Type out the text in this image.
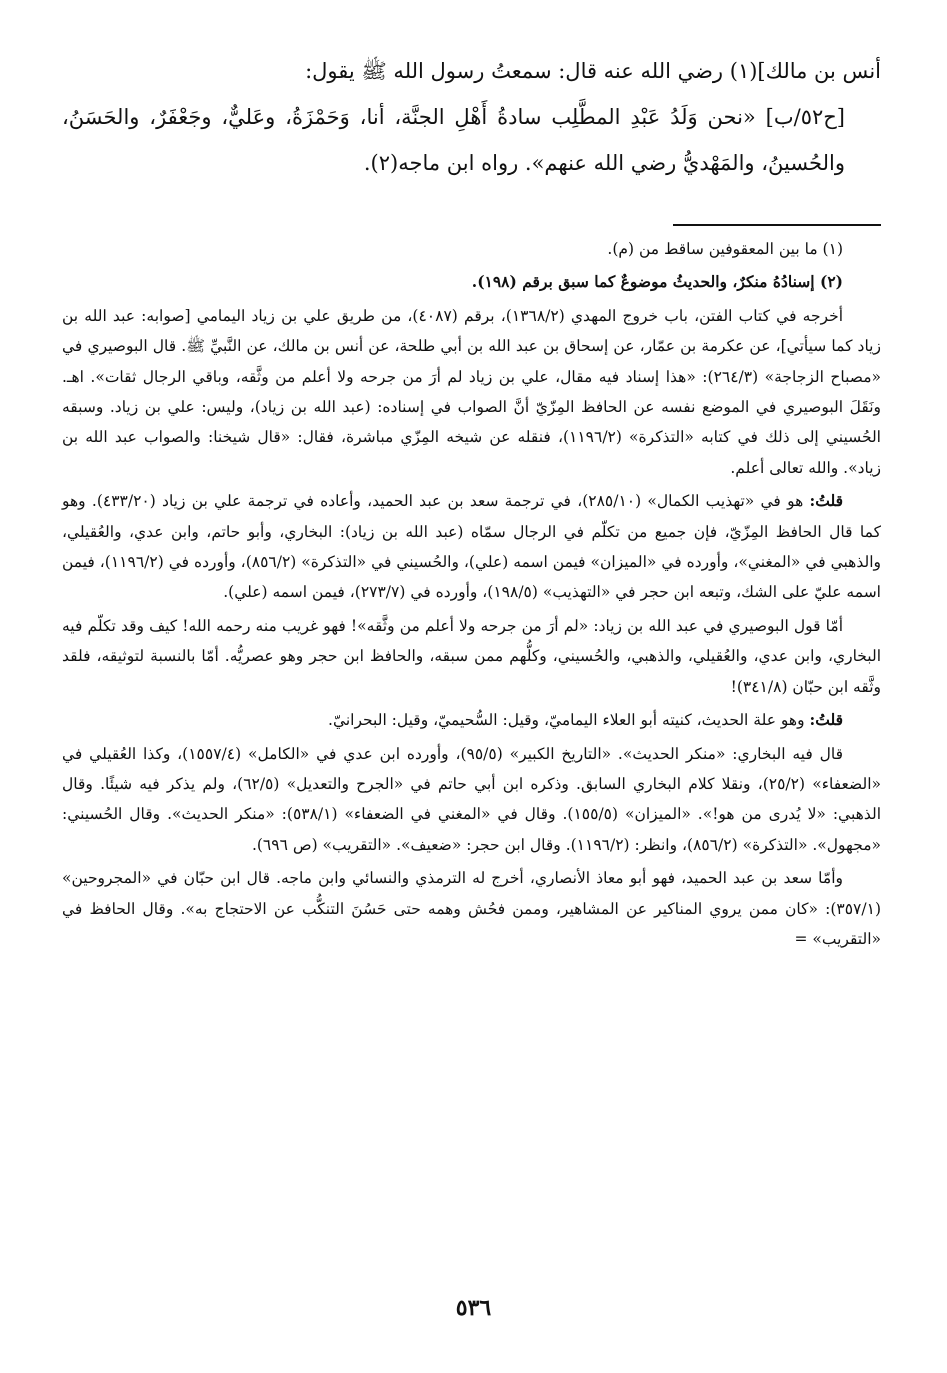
أنس بن مالك](١) رضي الله عنه قال: سمعتُ رسول الله ﷺ يقول:

[ح٥٢/ب] «نحن وَلَدُ عَبْدِ المطَّلِب سادةُ أَهْلِ الجنَّة، أنا، وَحَمْزَةُ، وعَليٌّ، وجَعْفَرٌ، والحَسَنُ، والحُسينُ، والمَهْديُّ رضي الله عنهم». رواه ابن ماجه(٢).

(١) ما بين المعقوفين ساقط من (م).

(٢) إسنادُهُ منكرٌ، والحديثُ موضوعٌ كما سبق برقم (١٩٨).

أخرجه في كتاب الفتن، باب خروج المهدي (١٣٦٨/٢)، برقم (٤٠٨٧)، من طريق علي بن زياد اليمامي [صوابه: عبد الله بن زياد كما سيأتي]، عن عكرمة بن عمّار، عن إسحاق بن عبد الله بن أبي طلحة، عن أنس بن مالك، عن النَّبيِّ ﷺ. قال البوصيري في «مصباح الزجاجة» (٢٦٤/٣): «هذا إسناد فيه مقال، علي بن زياد لم أرَ من جرحه ولا أعلم من وثَّقه، وباقي الرجال ثقات». اهـ. ونَقَلَ البوصيري في الموضع نفسه عن الحافظ المِزّيّ أنَّ الصواب في إسناده: (عبد الله بن زياد)، وليس: علي بن زياد. وسبقه الحُسيني إلى ذلك في كتابه «التذكرة» (١١٩٦/٢)، فنقله عن شيخه المِزّي مباشرة، فقال: «قال شيخنا: والصواب عبد الله بن زياد». والله تعالى أعلم.

قلتُ: هو في «تهذيب الكمال» (٢٨٥/١٠)، في ترجمة سعد بن عبد الحميد، وأعاده في ترجمة علي بن زياد (٤٣٣/٢٠). وهو كما قال الحافظ المِزّيّ، فإن جميع من تكلّم في الرجال سمّاه (عبد الله بن زياد): البخاري، وأبو حاتم، وابن عدي، والعُقيلي، والذهبي في «المغني»، وأورده في «الميزان» فيمن اسمه (علي)، والحُسيني في «التذكرة» (٨٥٦/٢)، وأورده في (١١٩٦/٢)، فيمن اسمه عليّ على الشك، وتبعه ابن حجر في «التهذيب» (١٩٨/٥)، وأورده في (٢٧٣/٧)، فيمن اسمه (علي).

أمّا قول البوصيري في عبد الله بن زياد: «لم أرَ من جرحه ولا أعلم من وثَّقه»! فهو غريب منه رحمه الله! كيف وقد تكلّم فيه البخاري، وابن عدي، والعُقيلي، والذهبي، والحُسيني، وكلُّهم ممن سبقه، والحافظ ابن حجر وهو عصريُّه. أمّا بالنسبة لتوثيقه، فلقد وثَّقه ابن حبّان (٣٤١/٨)!

قلتُ: وهو علة الحديث، كنيته أبو العلاء اليماميّ، وقيل: السُّحيميّ، وقيل: البحرانيّ.

قال فيه البخاري: «منكر الحديث». «التاريخ الكبير» (٩٥/٥)، وأورده ابن عدي في «الكامل» (١٥٥٧/٤)، وكذا العُقيلي في «الضعفاء» (٢٥/٢)، ونقلا كلام البخاري السابق. وذكره ابن أبي حاتم في «الجرح والتعديل» (٦٢/٥)، ولم يذكر فيه شيئًا. وقال الذهبي: «لا يُدرى من هو!». «الميزان» (١٥٥/٥). وقال في «المغني في الضعفاء» (٥٣٨/١): «منكر الحديث». وقال الحُسيني: «مجهول». «التذكرة» (٨٥٦/٢)، وانظر: (١١٩٦/٢). وقال ابن حجر: «ضعيف». «التقريب» (ص ٦٩٦).

وأمّا سعد بن عبد الحميد، فهو أبو معاذ الأنصاري، أخرج له الترمذي والنسائي وابن ماجه. قال ابن حبّان في «المجروحين» (٣٥٧/١): «كان ممن يروي المناكير عن المشاهير، وممن فحُش وهمه حتى حَسُنَ التنكُّب عن الاحتجاج به». وقال الحافظ في «التقريب» =

٥٣٦
